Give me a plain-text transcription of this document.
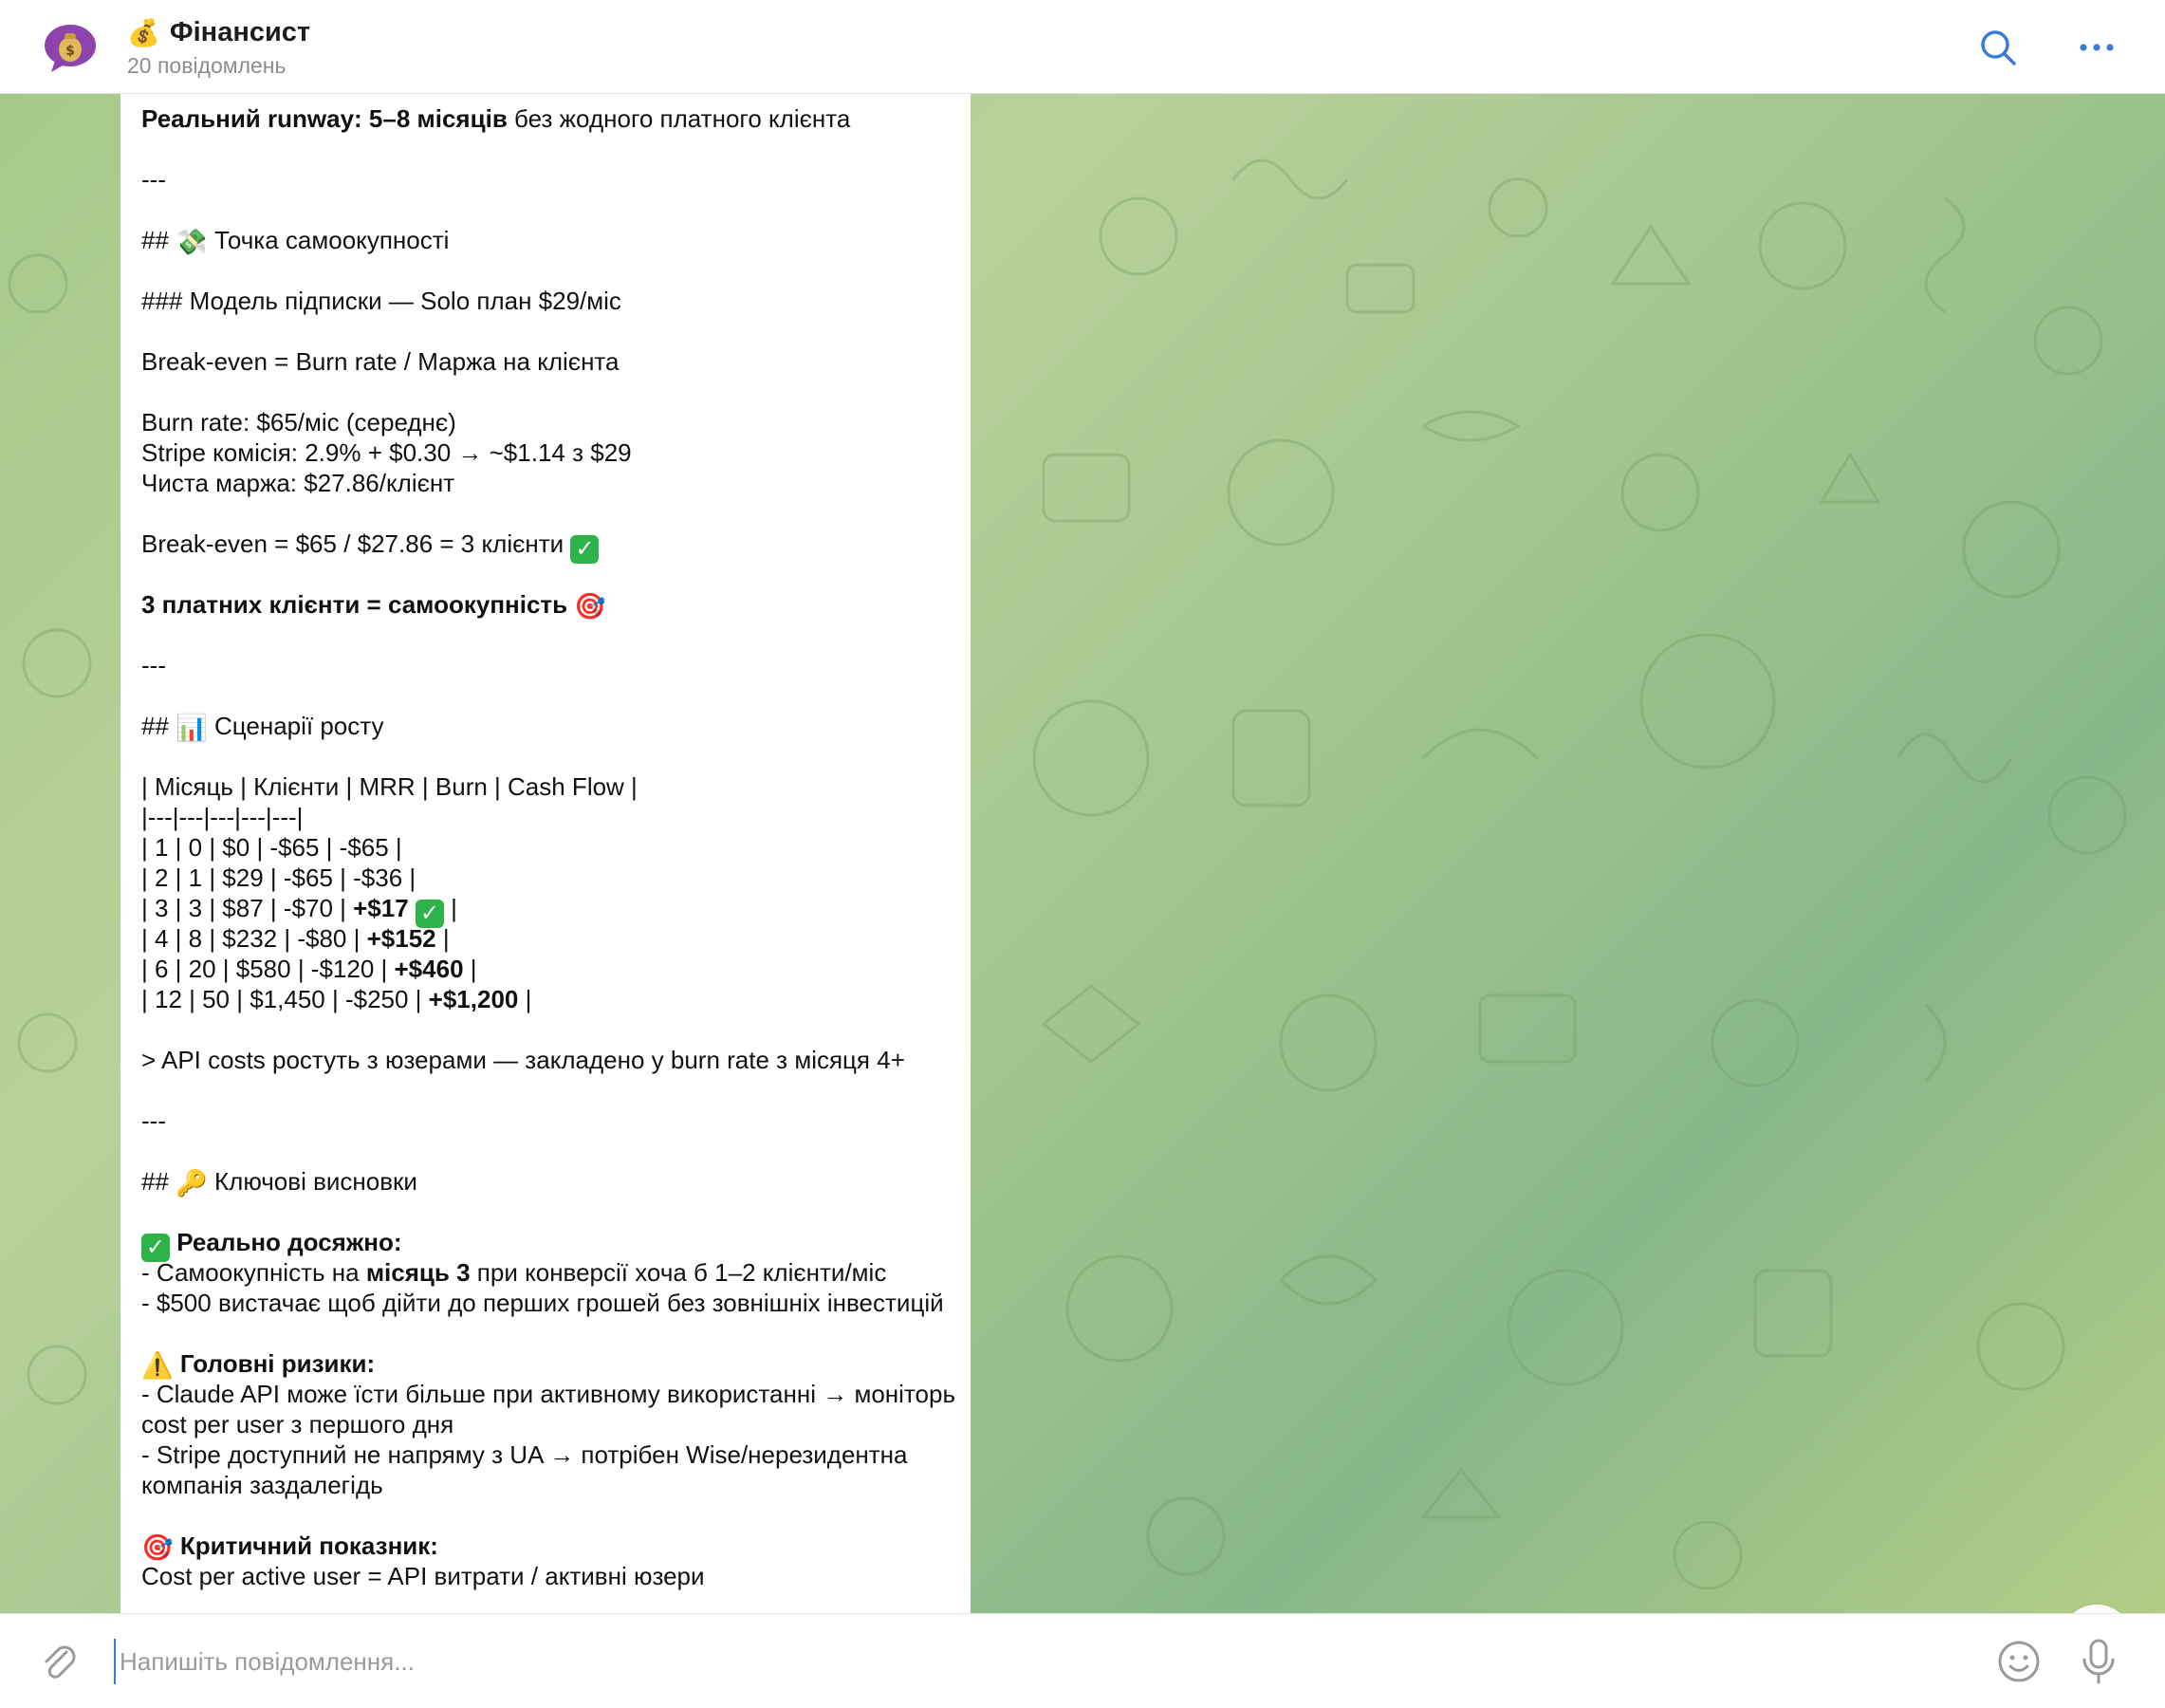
$
💰 Фінансист
20 повідомлень
Реальний runway: 5–8 місяців без жодного платного клієнта
---
## 💸 Точка самоокупності
### Модель підписки — Solo план $29/міс
Break-even = Burn rate / Маржа на клієнта
Burn rate: $65/міс (середнє)
Stripe комісія: 2.9% + $0.30 → ~$1.14 з $29
Чиста маржа: $27.86/клієнт
Break-even = $65 / $27.86 = 3 клієнти ✓
3 платних клієнти = самоокупність 🎯
---
## 📊 Сценарії росту
| Місяць | Клієнти | MRR | Burn | Cash Flow |
|---|---|---|---|---|
| 1 | 0 | $0 | -$65 | -$65 |
| 2 | 1 | $29 | -$65 | -$36 |
| 3 | 3 | $87 | -$70 | +$17 ✓ |
| 4 | 8 | $232 | -$80 | +$152 |
| 6 | 20 | $580 | -$120 | +$460 |
| 12 | 50 | $1,450 | -$250 | +$1,200 |
> API costs ростуть з юзерами — закладено у burn rate з місяця 4+
---
## 🔑 Ключові висновки
✓ Реально досяжно:
- Самоокупність на місяць 3 при конверсії хоча б 1–2 клієнти/міс
- $500 вистачає щоб дійти до перших грошей без зовнішніх інвестицій
⚠️ Головні ризики:
- Claude API може їсти більше при активному використанні → моніторь cost per user з першого дня
- Stripe доступний не напряму з UA → потрібен Wise/нерезидентна компанія заздалегідь
🎯 Критичний показник:
Cost per active user = API витрати / активні юзери
Напишіть повідомлення...
